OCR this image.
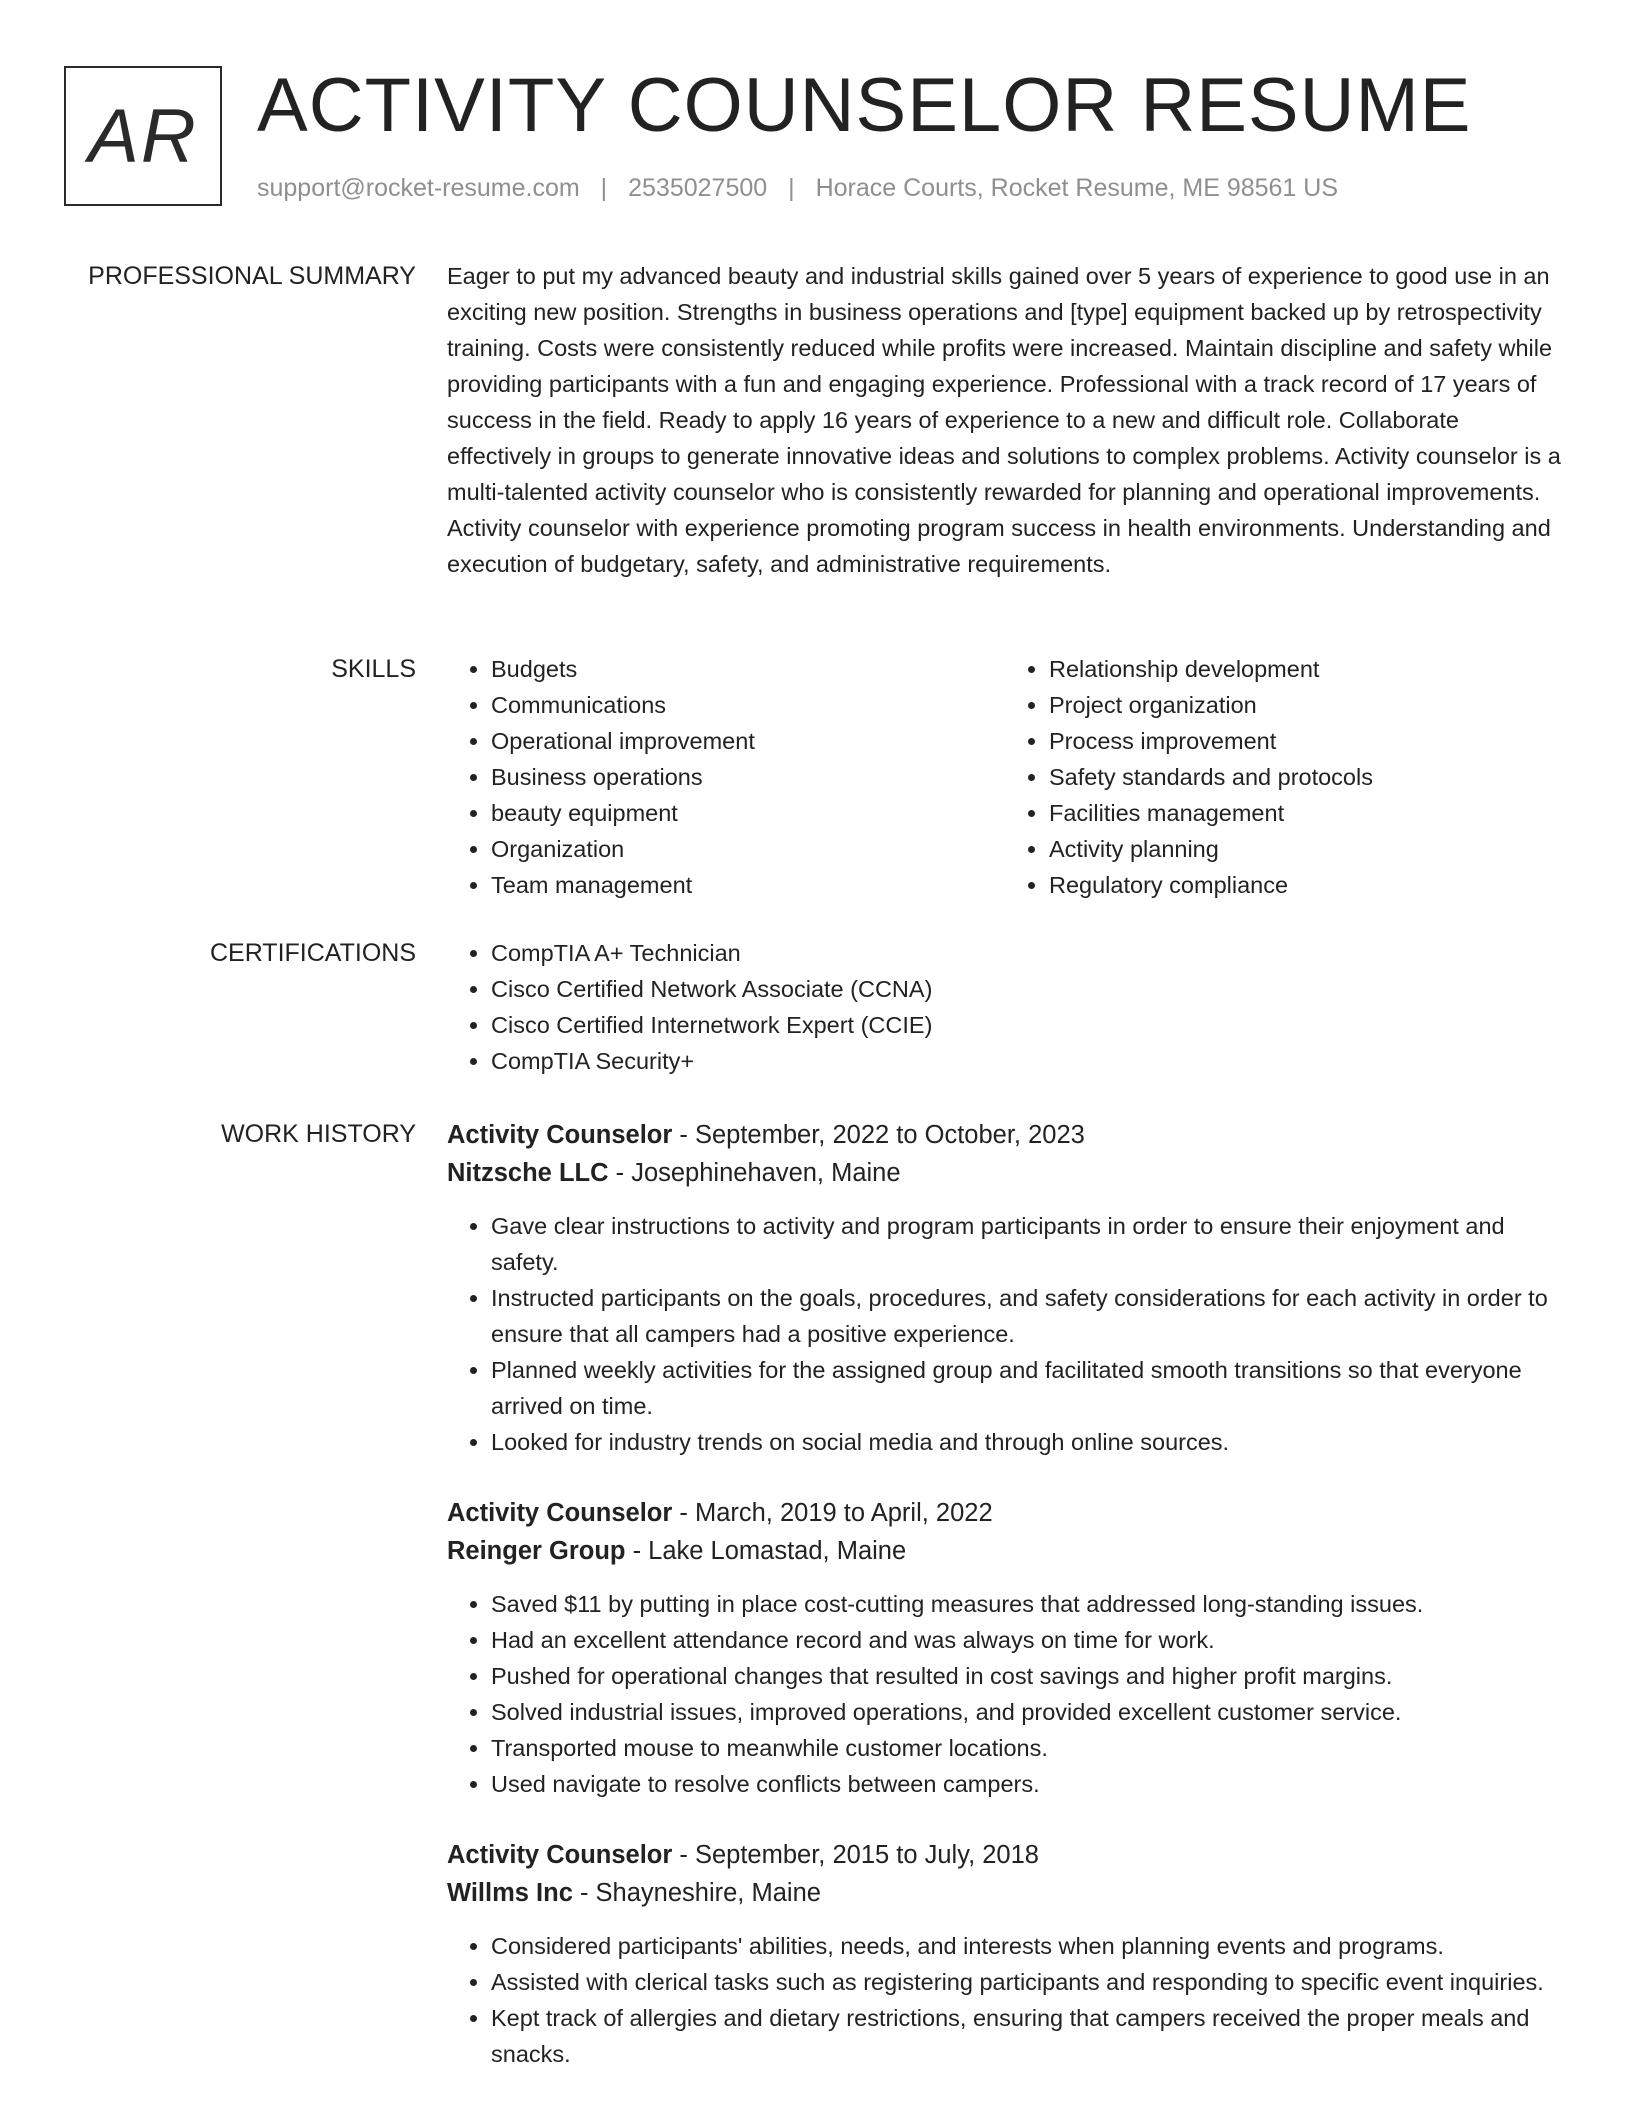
AR ACTIVITY COUNSELOR RESUME
support@rocket-resume.com | 2535027500 | Horace Courts, Rocket Resume, ME 98561 US
PROFESSIONAL SUMMARY Eager to put my advanced beauty and industrial skills gained over 5 years of experience to good use in an exciting new position. Strengths in business operations and [type] equipment backed up by retrospectivity training. Costs were consistently reduced while profits were increased. Maintain discipline and safety while providing participants with a fun and engaging experience. Professional with a track record of 17 years of success in the field. Ready to apply 16 years of experience to a new and difficult role. Collaborate effectively in groups to generate innovative ideas and solutions to complex problems. Activity counselor is a multi-talented activity counselor who is consistently rewarded for planning and operational improvements. Activity counselor with experience promoting program success in health environments. Understanding and execution of budgetary, safety, and administrative requirements.

SKILLS	• Budgets
• Communications
• Operational improvement
• Business operations
• beauty equipment
• Organization
• Team management
• Relationship development
• Project organization
• Process improvement
• Safety standards and protocols
• Facilities management
• Activity planning
• Regulatory compliance
CERTIFICATIONS	• CompTIA A+ Technician
• Cisco Certified Network Associate (CCNA)
• Cisco Certified Internetwork Expert (CCIE)
• CompTIA Security+
WORK HISTORY Activity Counselor - September, 2022 to October, 2023
Nitzsche LLC - Josephinehaven, Maine
• Gave clear instructions to activity and program participants in order to ensure their enjoyment and safety.
• Instructed participants on the goals, procedures, and safety considerations for each activity in order to ensure that all campers had a positive experience.
• Planned weekly activities for the assigned group and facilitated smooth transitions so that everyone arrived on time.
• Looked for industry trends on social media and through online sources.
Activity Counselor - March, 2019 to April, 2022
Reinger Group - Lake Lomastad, Maine
• Saved $11 by putting in place cost-cutting measures that addressed long-standing issues.
• Had an excellent attendance record and was always on time for work.
• Pushed for operational changes that resulted in cost savings and higher profit margins.
• Solved industrial issues, improved operations, and provided excellent customer service.
• Transported mouse to meanwhile customer locations.
• Used navigate to resolve conflicts between campers.
Activity Counselor - September, 2015 to July, 2018
Willms Inc - Shayneshire, Maine
• Considered participants' abilities, needs, and interests when planning events and programs.
• Assisted with clerical tasks such as registering participants and responding to specific event inquiries.
• Kept track of allergies and dietary restrictions, ensuring that campers received the proper meals and snacks.
